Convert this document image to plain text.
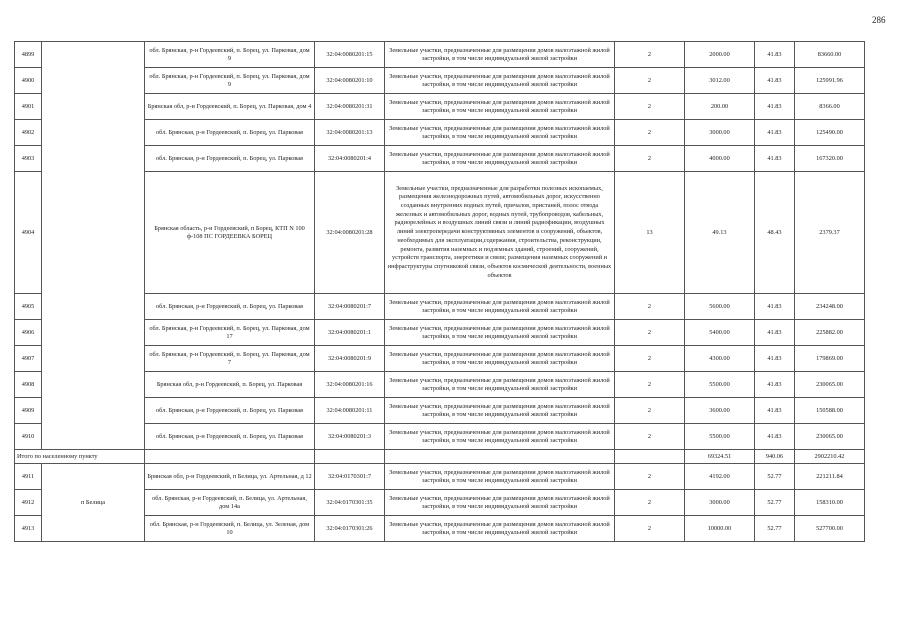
286
4899		обл. Брянская, р-н Гордеевский, п. Борец, ул. Парковая, дом 9	32:04:0080201:15	Земельные участки, предназначенные для размещения домов малоэтажной жилой застройки, в том числе индивидуальной жилой застройки	2	2000.00	41.83	83660.00
4900		обл. Брянская, р-н Гордеевский, п. Борец, ул. Парковая, дом 9	32:04:0080201:10	Земельные участки, предназначенные для размещения домов малоэтажной жилой застройки, в том числе индивидуальной жилой застройки	2	3012.00	41.83	125991.96
4901		Брянская обл, р-н Гордеевский, п. Борец, ул. Парковая, дом 4	32:04:0080201:31	Земельные участки, предназначенные для размещения домов малоэтажной жилой застройки, в том числе индивидуальной жилой застройки	2	200.00	41.83	8366.00
4902		обл. Брянская, р-н Гордеевский, п. Борец, ул. Парковая	32:04:0080201:13	Земельные участки, предназначенные для размещения домов малоэтажной жилой застройки, в том числе индивидуальной жилой застройки	2	3000.00	41.83	125490.00
4903		обл. Брянская, р-н Гордеевский, п. Борец, ул. Парковая	32:04:0080201:4	Земельные участки, предназначенные для размещения домов малоэтажной жилой застройки, в том числе индивидуальной жилой застройки	2	4000.00	41.83	167320.00
4904		Брянская область, р-н Гордеевский, п Борец, КТП N 100 ф-108 ПС ГОРДЕЕВКА БОРЕЦ	32:04:0080201:28	Земельные участки, предназначенные для разработки полезных ископаемых, размещения железнодорожных путей, автомобильных дорог, искусственно созданных внутренних водных путей, причалов, пристаней, полос отвода железных и автомобильных дорог, водных путей, трубопроводов, кабельных, радиорелейных и воздушных линий связи и линий радиофикации, воздушных линий электропередачи конструктивных элементов и сооружений, объектов, необходимых для эксплуатации,содержания, строительства, реконструкции, ремонта, развития наземных и подземных зданий, строений, сооружений, устройств транспорта, энергетики и связи; размещения наземных сооружений и инфраструктуры спутниковой связи, объектов космической деятельности, военных объектов	13	49.13	48.43	2379.37
4905		обл. Брянская, р-н Гордеевский, п. Борец, ул. Парковая	32:04:0080201:7	Земельные участки, предназначенные для размещения домов малоэтажной жилой застройки, в том числе индивидуальной жилой застройки	2	5600.00	41.83	234248.00
4906		обл. Брянская, р-н Гордеевский, п. Борец, ул. Парковая, дом 17	32:04:0080201:1	Земельные участки, предназначенные для размещения домов малоэтажной жилой застройки, в том числе индивидуальной жилой застройки	2	5400.00	41.83	225882.00
4907		обл. Брянская, р-н Гордеевский, п. Борец, ул. Парковая, дом 7	32:04:0080201:9	Земельные участки, предназначенные для размещения домов малоэтажной жилой застройки, в том числе индивидуальной жилой застройки	2	4300.00	41.83	179869.00
4908		Брянская обл, р-н Гордеевский, п. Борец, ул. Парковая	32:04:0080201:16	Земельные участки, предназначенные для размещения домов малоэтажной жилой застройки, в том числе индивидуальной жилой застройки	2	5500.00	41.83	230065.00
4909		обл. Брянская, р-н Гордеевский, п. Борец, ул. Парковая	32:04:0080201:11	Земельные участки, предназначенные для размещения домов малоэтажной жилой застройки, в том числе индивидуальной жилой застройки	2	3600.00	41.83	150588.00
4910		обл. Брянская, р-н Гордеевский, п. Борец, ул. Парковая	32:04:0080201:3	Земельные участки, предназначенные для размещения домов малоэтажной жилой застройки, в том числе индивидуальной жилой застройки	2	5500.00	41.83	230065.00
Итого по населенному пункту						69324.51	940.06	2902210.42
4911	п Белица	Брянская обл, р-н Гордеевский, п Белица, ул. Артельная, д 12	32:04:0170301:7	Земельные участки, предназначенные для размещения домов малоэтажной жилой застройки, в том числе индивидуальной жилой застройки	2	4192.00	52.77	221211.84
4912		обл. Брянская, р-н Гордеевский, п. Белица, ул. Артельная, дом 14а	32:04:0170301:35	Земельные участки, предназначенные для размещения домов малоэтажной жилой застройки, в том числе индивидуальной жилой застройки	2	3000.00	52.77	158310.00
4913		обл. Брянская, р-н Гордеевский, п. Белица, ул. Зеленая, дом 10	32:04:0170301:26	Земельные участки, предназначенные для размещения домов малоэтажной жилой застройки, в том числе индивидуальной жилой застройки	2	10000.00	52.77	527700.00
